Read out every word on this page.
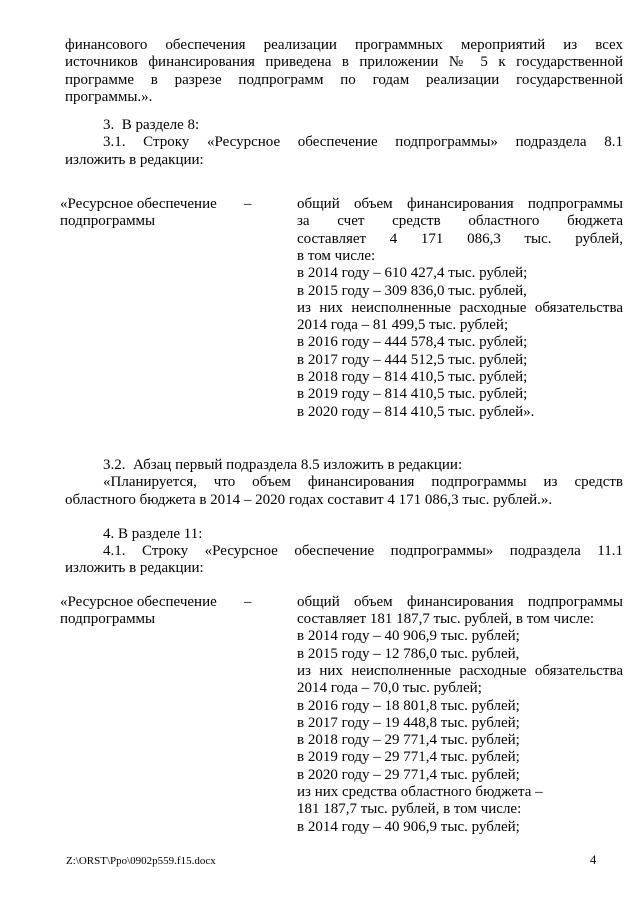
финансового обеспечения реализации программных мероприятий из всех
источников финансирования приведена в приложении № 5 к государственной
программе в разрезе подпрограмм по годам реализации государственной
программы.».
3.  В разделе 8:
3.1. Строку «Ресурсное обеспечение подпрограммы» подраздела 8.1
изложить в редакции:
«Ресурсное обеспечение
подпрограммы
–	общий объем финансирования подпрограммы
за счет средств областного бюджета
составляет 4 171 086,3 тыс. рублей,
в том числе:
в 2014 году – 610 427,4 тыс. рублей;
в 2015 году – 309 836,0 тыс. рублей,
из них неисполненные расходные обязательства
2014 года – 81 499,5 тыс. рублей;
в 2016 году – 444 578,4 тыс. рублей;
в 2017 году – 444 512,5 тыс. рублей;
в 2018 году – 814 410,5 тыс. рублей;
в 2019 году – 814 410,5 тыс. рублей;
в 2020 году – 814 410,5 тыс. рублей».
3.2.  Абзац первый подраздела 8.5 изложить в редакции:
«Планируется, что объем финансирования подпрограммы из средств
областного бюджета в 2014 – 2020 годах составит 4 171 086,3 тыс. рублей.».
4. В разделе 11:
4.1. Строку «Ресурсное обеспечение подпрограммы» подраздела 11.1
изложить в редакции:
«Ресурсное обеспечение
подпрограммы
–	общий объем финансирования подпрограммы
составляет 181 187,7 тыс. рублей, в том числе:
в 2014 году – 40 906,9 тыс. рублей;
в 2015 году – 12 786,0 тыс. рублей,
из них неисполненные расходные обязательства
2014 года – 70,0 тыс. рублей;
в 2016 году – 18 801,8 тыс. рублей;
в 2017 году – 19 448,8 тыс. рублей;
в 2018 году – 29 771,4 тыс. рублей;
в 2019 году – 29 771,4 тыс. рублей;
в 2020 году – 29 771,4 тыс. рублей;
из них средства областного бюджета –
181 187,7 тыс. рублей, в том числе:
в 2014 году – 40 906,9 тыс. рублей;
Z:\ORST\Ppo\0902p559.f15.docx	4
